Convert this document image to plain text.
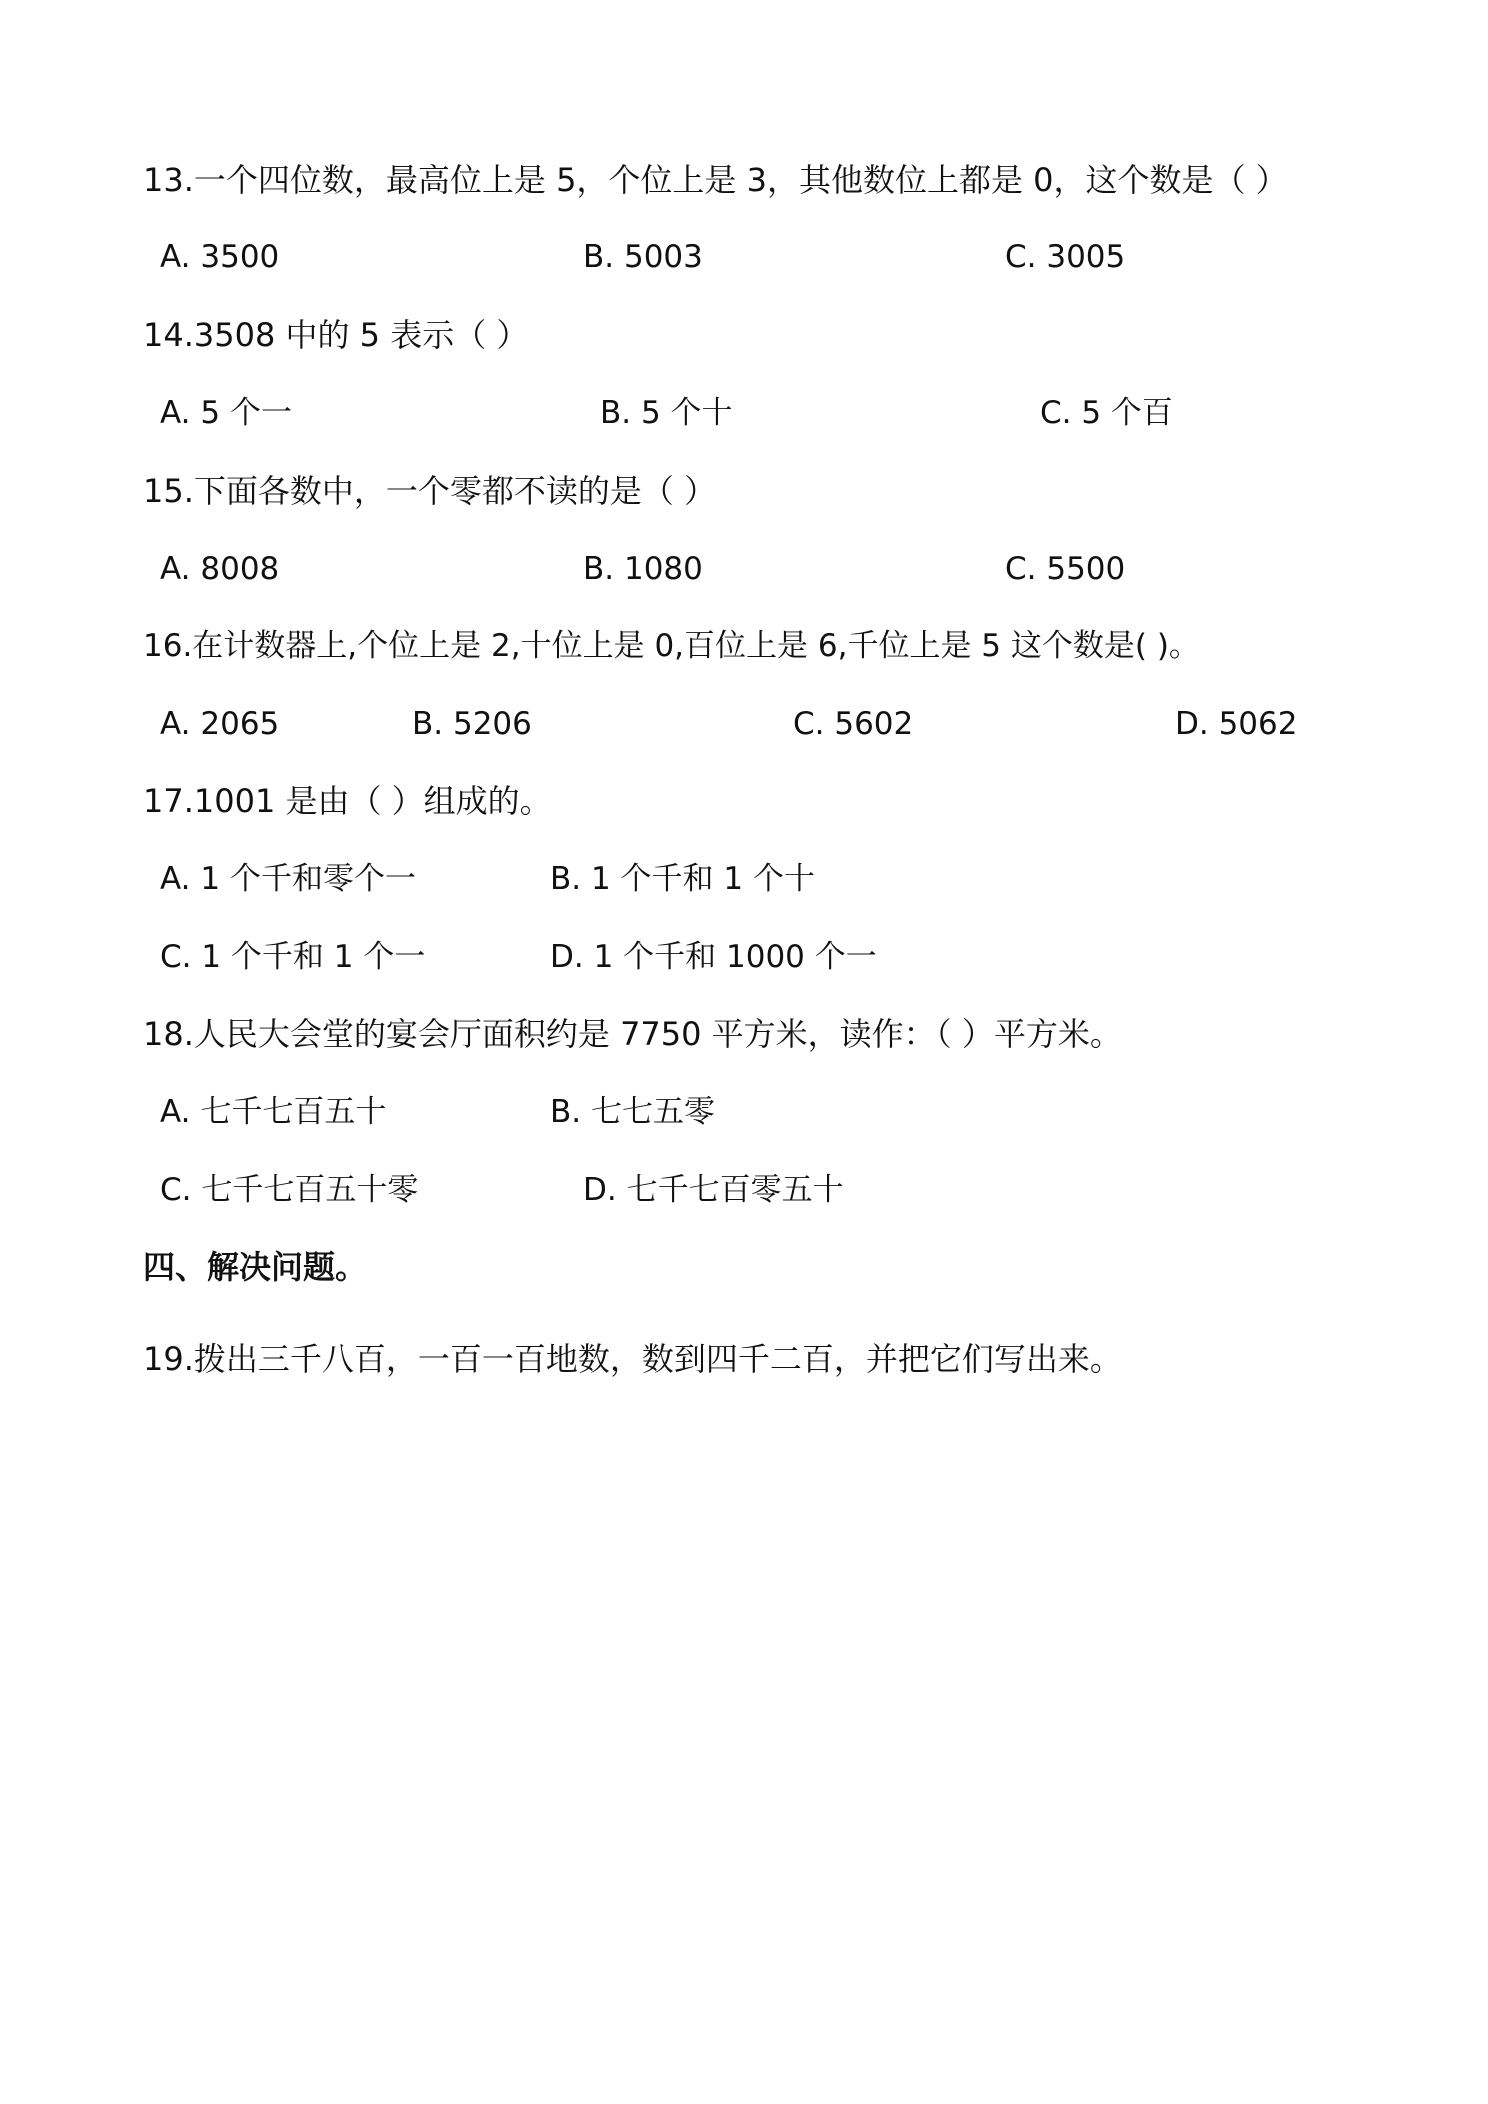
13.一个四位数，最高位上是 5，个位上是 3，其他数位上都是 0，这个数是（ ）

A. 3500	B. 5003	C. 3005

14.3508 中的 5 表示（ ）

A. 5 个一	B. 5 个十	C. 5 个百

15.下面各数中，一个零都不读的是（ ）

A. 8008	B. 1080	C. 5500

16.在计数器上,个位上是 2,十位上是 0,百位上是 6,千位上是 5 这个数是( )。

A. 2065	B. 5206	C. 5602	D. 5062

17.1001 是由（ ）组成的。

A. 1 个千和零个一	B. 1 个千和 1 个十

C. 1 个千和 1 个一	D. 1 个千和 1000 个一

18.人民大会堂的宴会厅面积约是 7750 平方米，读作：（ ）平方米。

A. 七千七百五十	B. 七七五零

C. 七千七百五十零	D. 七千七百零五十

四、解决问题。

19.拨出三千八百，一百一百地数，数到四千二百，并把它们写出来。
